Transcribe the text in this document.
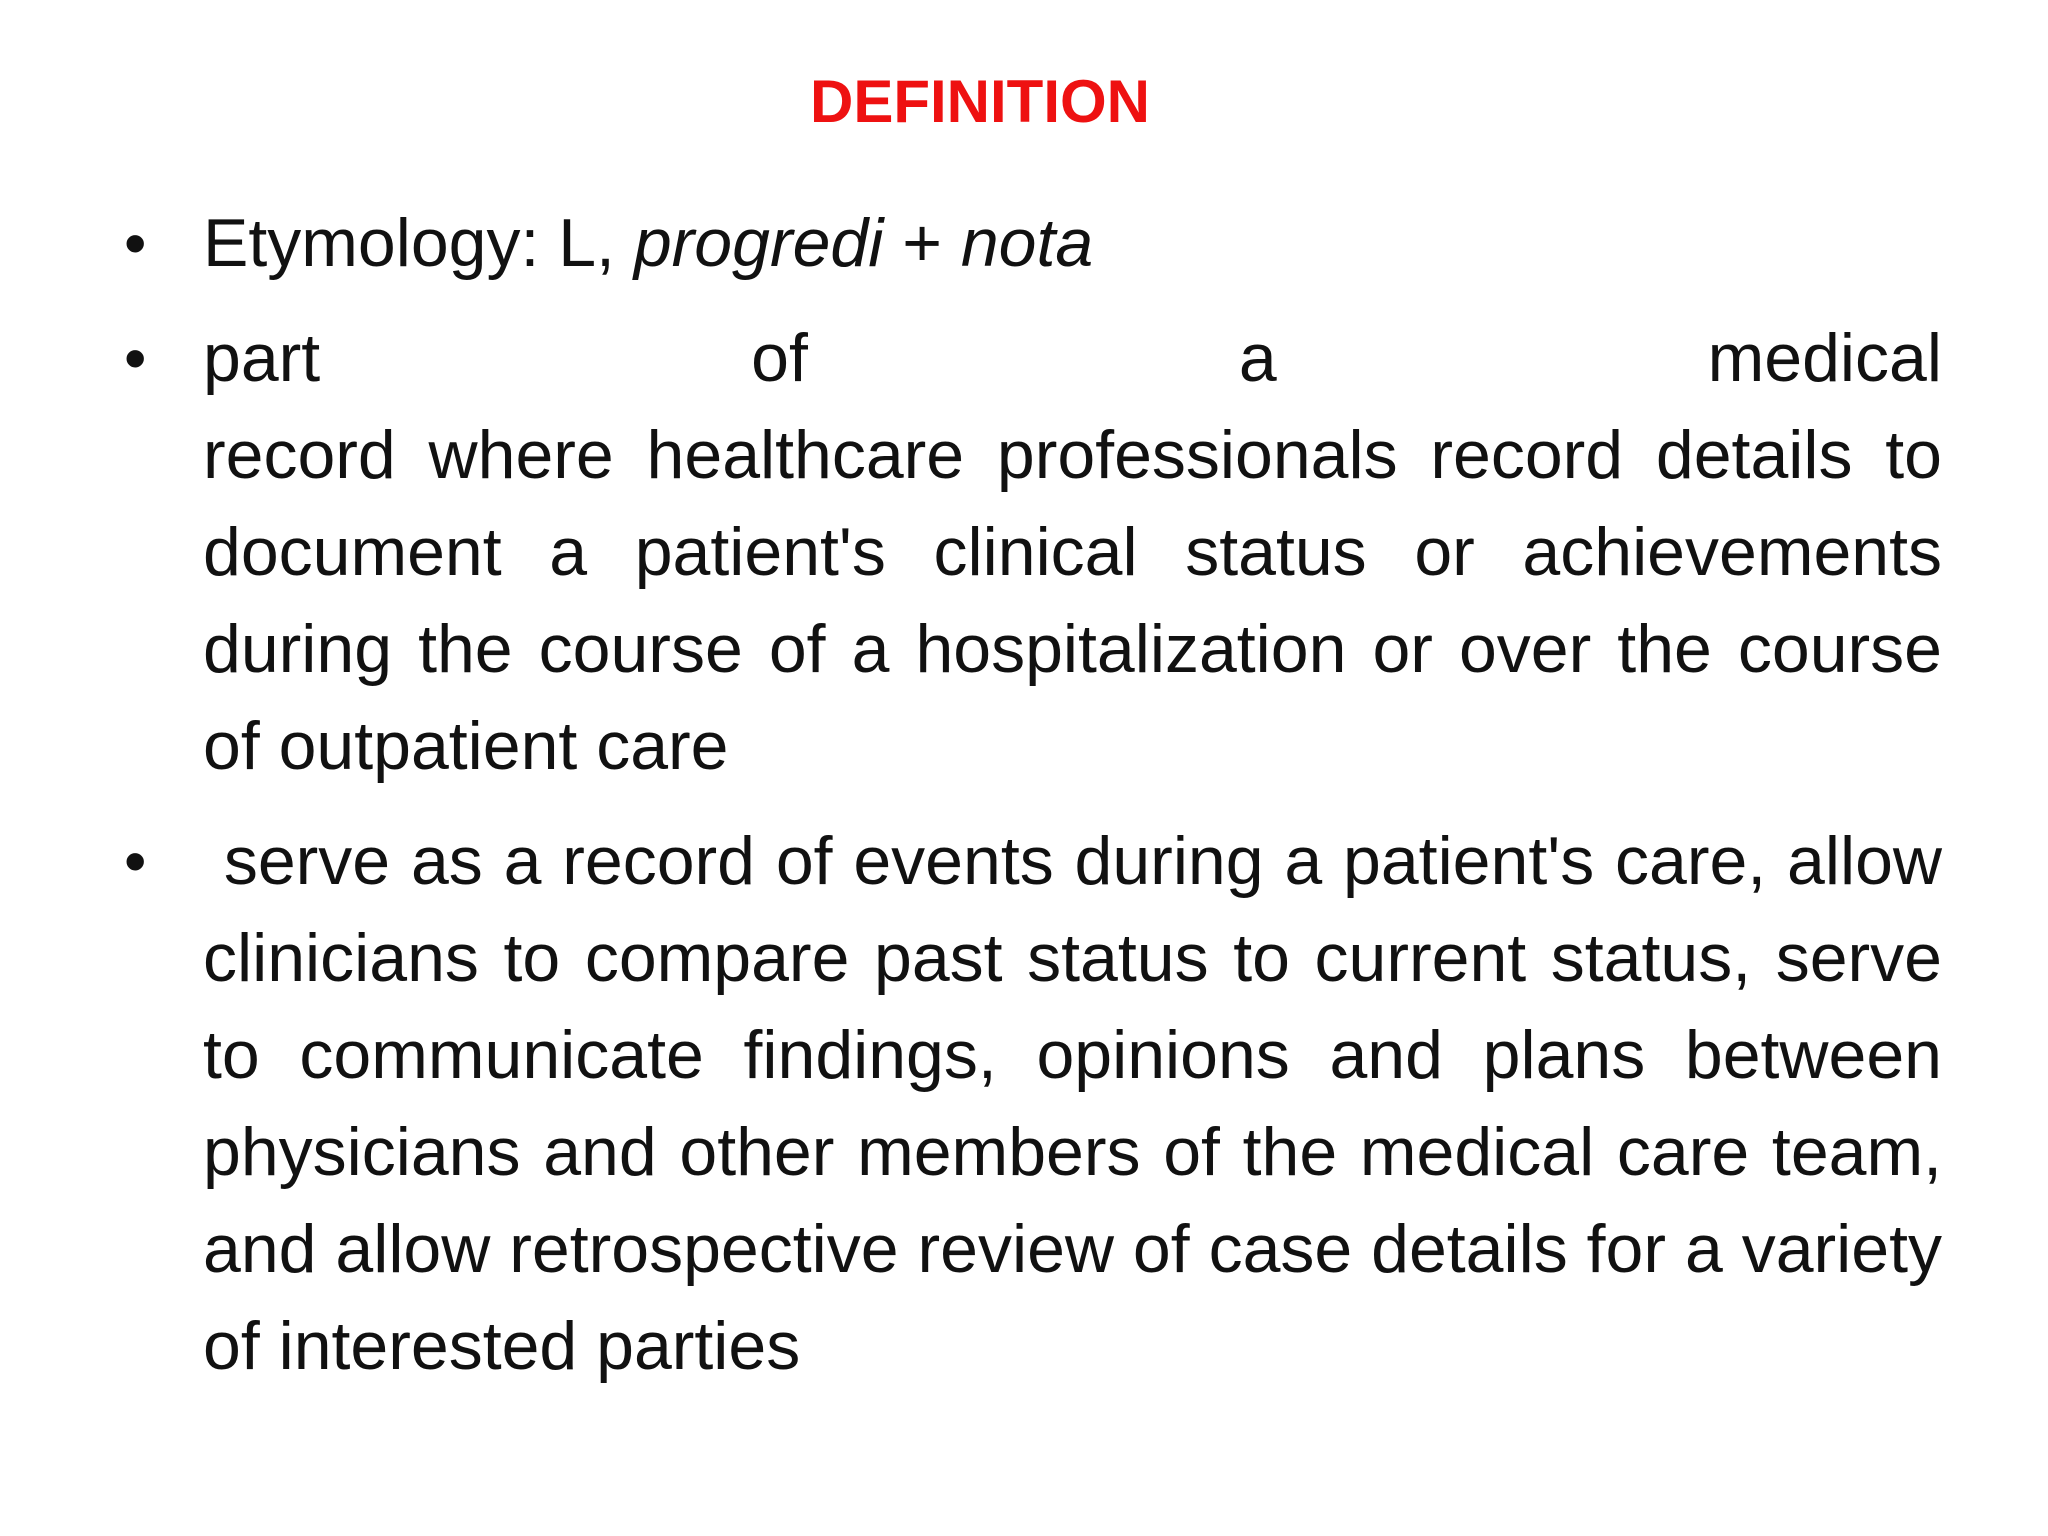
DEFINITION
• Etymology: L, progredi + nota
• part	of	a	medical
record where healthcare professionals record details to document a patient's clinical status or achievements during the course of a hospitalization or over the course of outpatient care
• serve as a record of events during a patient's care, allow clinicians to compare past status to current status, serve to communicate findings, opinions and plans between physicians and other members of the medical care team, and allow retrospective review of case details for a variety of interested parties
